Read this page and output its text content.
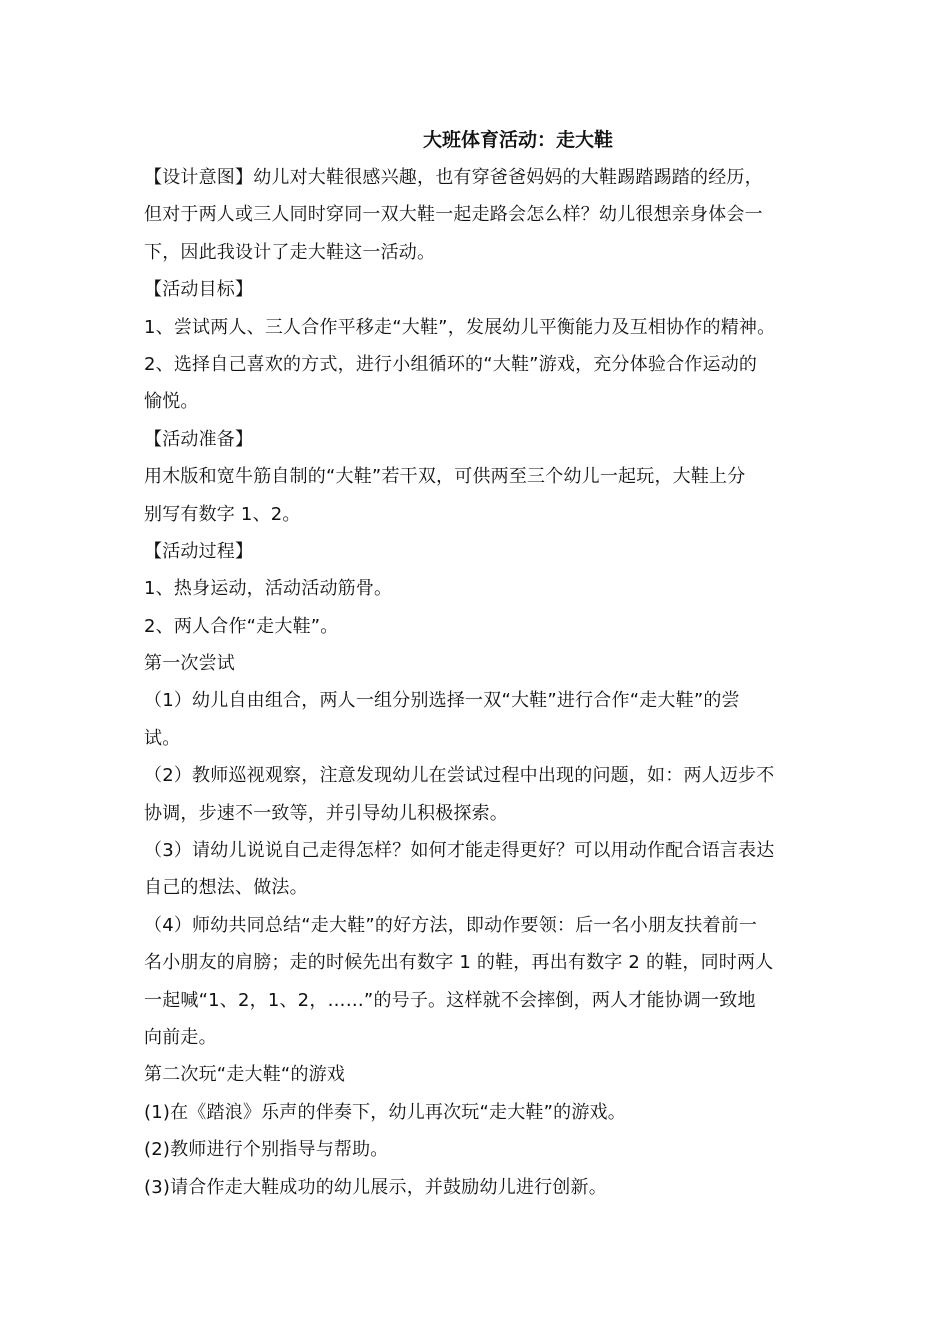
大班体育活动：走大鞋
【设计意图】幼儿对大鞋很感兴趣，也有穿爸爸妈妈的大鞋踢踏踢踏的经历，
但对于两人或三人同时穿同一双大鞋一起走路会怎么样？幼儿很想亲身体会一
下，因此我设计了走大鞋这一活动。
【活动目标】
1、尝试两人、三人合作平移走“大鞋”，发展幼儿平衡能力及互相协作的精神。
2、选择自己喜欢的方式，进行小组循环的“大鞋”游戏，充分体验合作运动的
愉悦。
【活动准备】
用木版和宽牛筋自制的“大鞋”若干双，可供两至三个幼儿一起玩，大鞋上分
别写有数字 1、2。
【活动过程】
1、热身运动，活动活动筋骨。
2、两人合作“走大鞋”。
第一次尝试
（1）幼儿自由组合，两人一组分别选择一双“大鞋”进行合作“走大鞋”的尝
试。
（2）教师巡视观察，注意发现幼儿在尝试过程中出现的问题，如：两人迈步不
协调，步速不一致等，并引导幼儿积极探索。
（3）请幼儿说说自己走得怎样？如何才能走得更好？可以用动作配合语言表达
自己的想法、做法。
（4）师幼共同总结“走大鞋”的好方法，即动作要领：后一名小朋友扶着前一
名小朋友的肩膀；走的时候先出有数字 1 的鞋，再出有数字 2 的鞋，同时两人
一起喊“1、2，1、2，……”的号子。这样就不会摔倒，两人才能协调一致地
向前走。
第二次玩“走大鞋“的游戏
(1)在《踏浪》乐声的伴奏下，幼儿再次玩“走大鞋”的游戏。
(2)教师进行个别指导与帮助。
(3)请合作走大鞋成功的幼儿展示，并鼓励幼儿进行创新。
